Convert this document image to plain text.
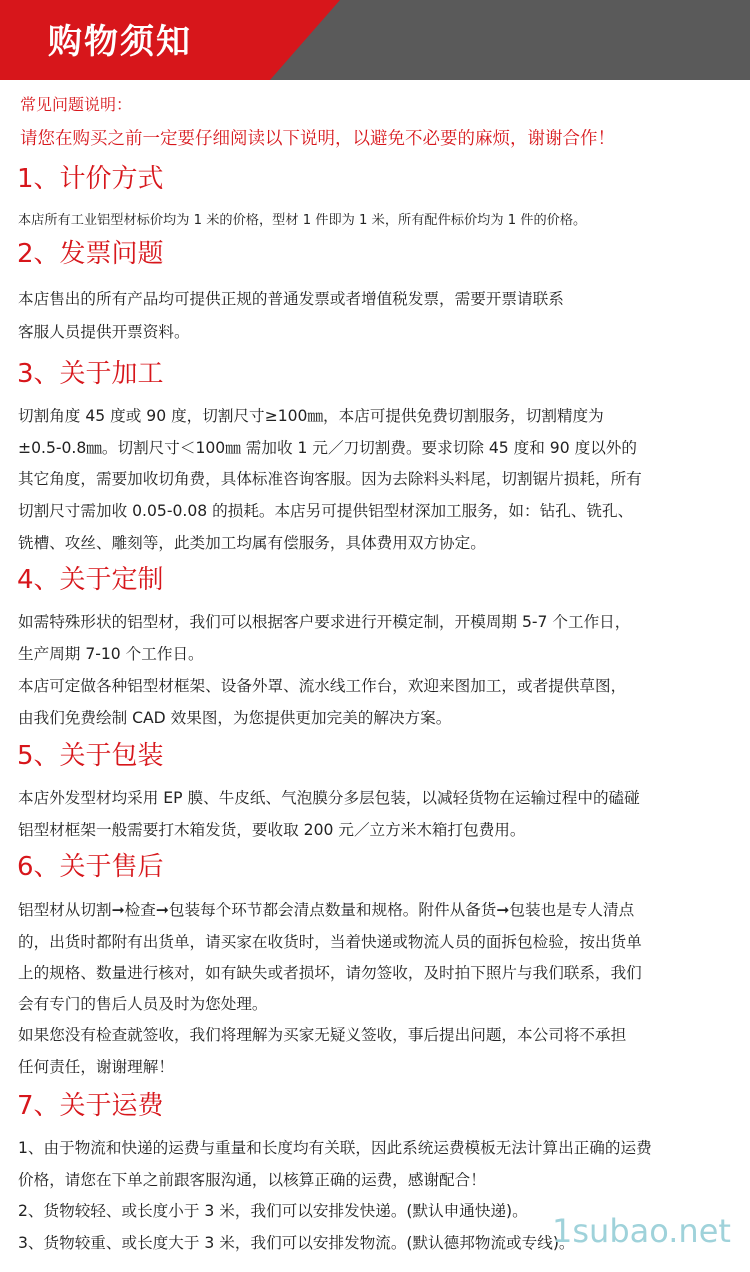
购物须知
常见问题说明：
请您在购买之前一定要仔细阅读以下说明，以避免不必要的麻烦，谢谢合作！
1、计价方式
本店所有工业铝型材标价均为 1 米的价格，型材 1 件即为 1 米，所有配件标价均为 1 件的价格。
2、发票问题
本店售出的所有产品均可提供正规的普通发票或者增值税发票，需要开票请联系
客服人员提供开票资料。
3、关于加工
切割角度 45 度或 90 度，切割尺寸≥100㎜，本店可提供免费切割服务，切割精度为
±0.5-0.8㎜。切割尺寸＜100㎜ 需加收 1 元／刀切割费。要求切除 45 度和 90 度以外的
其它角度，需要加收切角费，具体标准咨询客服。因为去除料头料尾，切割锯片损耗，所有
切割尺寸需加收 0.05-0.08 的损耗。本店另可提供铝型材深加工服务，如：钻孔、铣孔、
铣槽、攻丝、雕刻等，此类加工均属有偿服务，具体费用双方协定。
4、关于定制
如需特殊形状的铝型材，我们可以根据客户要求进行开模定制，开模周期 5-7 个工作日，
生产周期 7-10 个工作日。
本店可定做各种铝型材框架、设备外罩、流水线工作台，欢迎来图加工，或者提供草图，
由我们免费绘制 CAD 效果图，为您提供更加完美的解决方案。
5、关于包装
本店外发型材均采用 EP 膜、牛皮纸、气泡膜分多层包装，以减轻货物在运输过程中的磕碰
铝型材框架一般需要打木箱发货，要收取 200 元／立方米木箱打包费用。
6、关于售后
铝型材从切割➞检查➞包装每个环节都会清点数量和规格。附件从备货➞包装也是专人清点
的，出货时都附有出货单，请买家在收货时，当着快递或物流人员的面拆包检验，按出货单
上的规格、数量进行核对，如有缺失或者损坏，请勿签收，及时拍下照片与我们联系，我们
会有专门的售后人员及时为您处理。
如果您没有检查就签收，我们将理解为买家无疑义签收，事后提出问题，本公司将不承担
任何责任，谢谢理解！
7、关于运费
1、由于物流和快递的运费与重量和长度均有关联，因此系统运费模板无法计算出正确的运费
价格，请您在下单之前跟客服沟通，以核算正确的运费，感谢配合！
2、货物较轻、或长度小于 3 米，我们可以安排发快递。(默认申通快递)。
3、货物较重、或长度大于 3 米，我们可以安排发物流。(默认德邦物流或专线)。
1subao.net
